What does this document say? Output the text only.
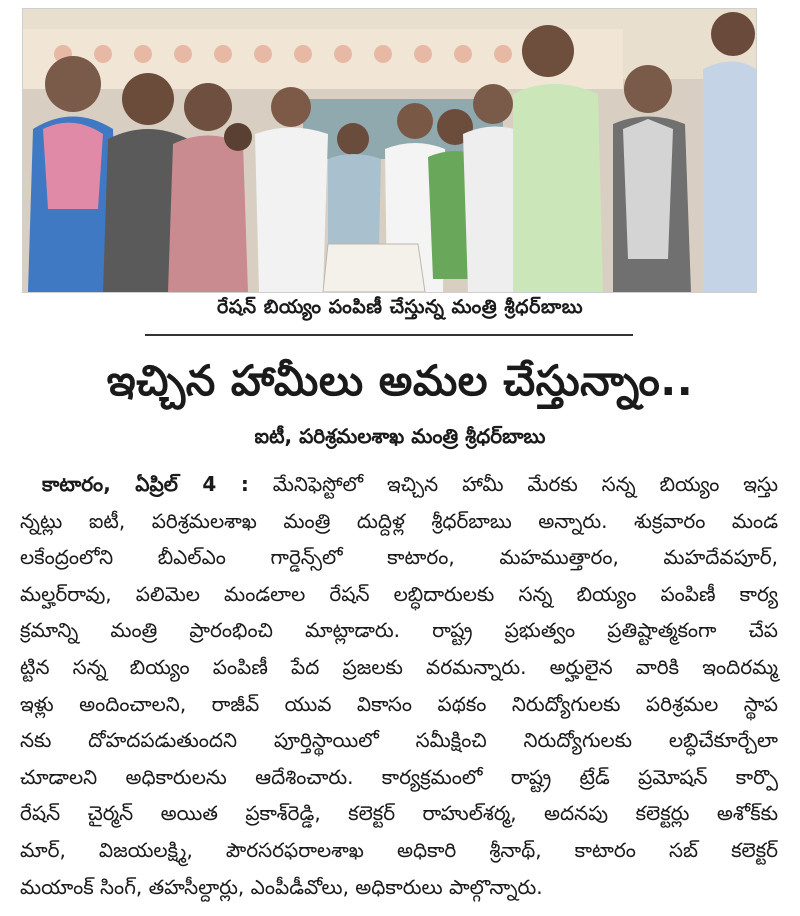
రేషన్ బియ్యం పంపిణీ చేస్తున్న మంత్రి శ్రీధర్‌బాబు
ఇచ్చిన హామీలు అమల చేస్తున్నాం..
ఐటీ, పరిశ్రమలశాఖ మంత్రి శ్రీధర్‌బాబు
కాటారం, ఏప్రిల్ 4 : మేనిఫెస్టోలో ఇచ్చిన హామీ మేరకు సన్న బియ్యం ఇస్తు
న్నట్లు ఐటీ, పరిశ్రమలశాఖ మంత్రి దుద్దిళ్ల శ్రీధర్‌బాబు అన్నారు. శుక్రవారం మండ
లకేంద్రంలోని బీఎల్ఎం గార్డెన్స్‌లో కాటారం, మహముత్తారం, మహదేవపూర్,
మల్హర్‌రావు, పలిమెల మండలాల రేషన్ లబ్ధిదారులకు సన్న బియ్యం పంపిణీ కార్య
క్రమాన్ని మంత్రి ప్రారంభించి మాట్లాడారు. రాష్ట్ర ప్రభుత్వం ప్రతిష్టాత్మకంగా చేప
ట్టిన సన్న బియ్యం పంపిణీ పేద ప్రజలకు వరమన్నారు. అర్హులైన వారికి ఇందిరమ్మ
ఇళ్లు అందించాలని, రాజీవ్ యువ వికాసం పథకం నిరుద్యోగులకు పరిశ్రమల స్థాప
నకు దోహదపడుతుందని పూర్తిస్థాయిలో సమీక్షించి నిరుద్యోగులకు లబ్ధిచేకూర్చేలా
చూడాలని అధికారులను ఆదేశించారు. కార్యక్రమంలో రాష్ట్ర ట్రేడ్ ప్రమోషన్ కార్పొ
రేషన్ చైర్మన్ అయిత ప్రకాశ్‌రెడ్డి, కలెక్టర్ రాహుల్‌శర్మ, అదనపు కలెక్టర్లు అశోక్‌కు
మార్, విజయలక్ష్మి, పౌరసరఫరాలశాఖ అధికారి శ్రీనాథ్, కాటారం సబ్ కలెక్టర్
మయాంక్ సింగ్, తహసీల్దార్లు, ఎంపీడీవోలు, అధికారులు పాల్గొన్నారు.
